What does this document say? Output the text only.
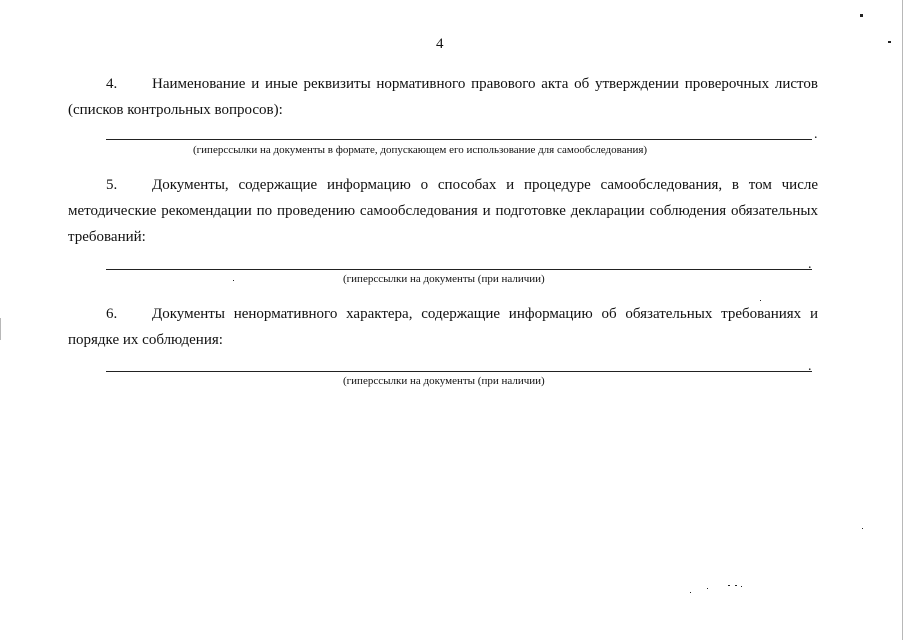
4
4. Наименование и иные реквизиты нормативного правового акта об утверждении проверочных листов (списков контрольных вопросов):
.
(гиперссылки на документы в формате, допускающем его использование для самообследования)
5. Документы, содержащие информацию о способах и процедуре самообследования, в том числе методические рекомендации по проведению самообследования и подготовке декларации соблюдения обязательных требований:
.
(гиперссылки на документы (при наличии)
6. Документы ненормативного характера, содержащие информацию об обязательных требованиях и порядке их соблюдения:
.
(гиперссылки на документы (при наличии)
